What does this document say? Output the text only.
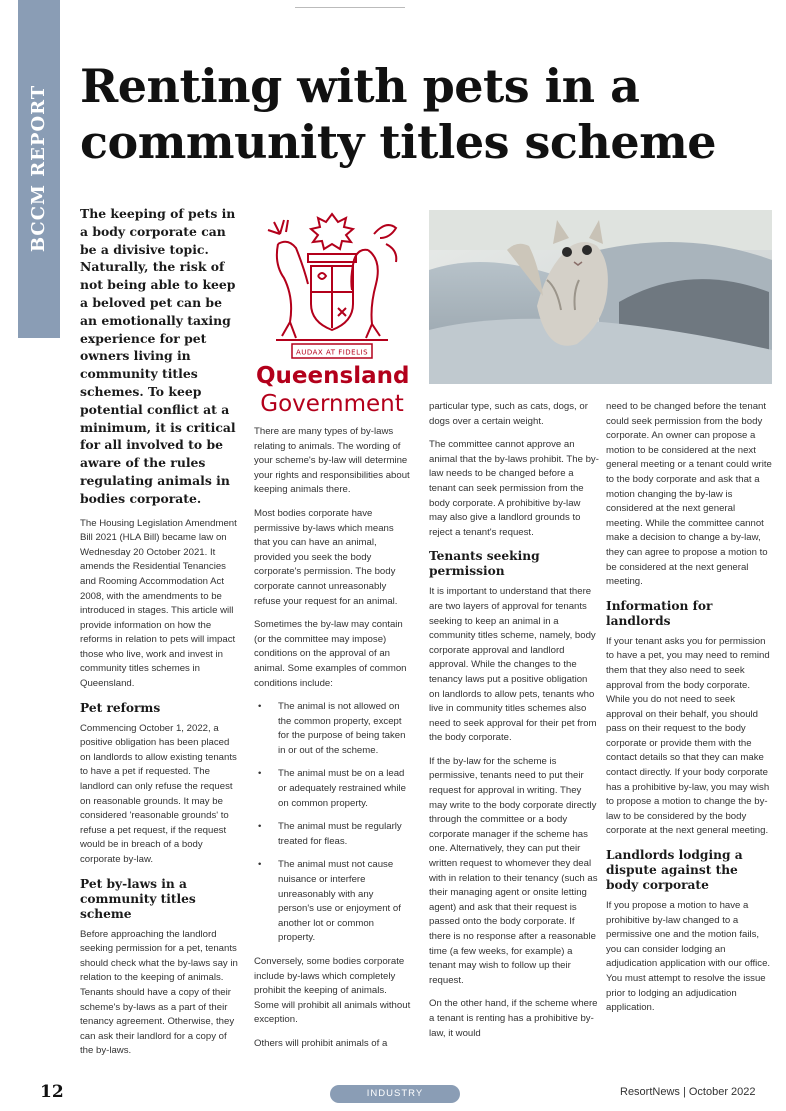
BCCM REPORT Renting with pets in a community titles scheme

The keeping of pets in a body corporate can be a divisive topic. Naturally, the risk of not being able to keep a beloved pet can be an emotionally taxing experience for pet owners living in community titles schemes. To keep potential conflict at a minimum, it is critical for all involved to be aware of the rules regulating animals in bodies corporate.

The Housing Legislation Amendment Bill 2021 (HLA Bill) became law on Wednesday 20 October 2021. It amends the Residential Tenancies and Rooming Accommodation Act 2008, with the amendments to be introduced in stages. This article will provide information on how the reforms in relation to pets will impact those who live, work and invest in community titles schemes in Queensland.

Pet reforms

Commencing October 1, 2022, a positive obligation has been placed on landlords to allow existing tenants to have a pet if requested. The landlord can only refuse the request on reasonable grounds. It may be considered 'reasonable grounds' to refuse a pet request, if the request would be in breach of a body corporate by-law.

Pet by-laws in a community titles scheme

Before approaching the landlord seeking permission for a pet, tenants should check what the by-laws say in relation to the keeping of animals. Tenants should have a copy of their scheme's by-laws as a part of their tenancy agreement. Otherwise, they can ask their landlord for a copy of the by-laws.

AUDAX AT FIDELIS
Queensland
Government

There are many types of by-laws relating to animals. The wording of your scheme's by-law will determine your rights and responsibilities about keeping animals there.

Most bodies corporate have permissive by-laws which means that you can have an animal, provided you seek the body corporate's permission. The body corporate cannot unreasonably refuse your request for an animal.

Sometimes the by-law may contain (or the committee may impose) conditions on the approval of an animal. Some examples of common conditions include:

• The animal is not allowed on the common property, except for the purpose of being taken in or out of the scheme.
• The animal must be on a lead or adequately restrained while on common property.
• The animal must be regularly treated for fleas.
• The animal must not cause nuisance or interfere unreasonably with any person's use or enjoyment of another lot or common property.

Conversely, some bodies corporate include by-laws which completely prohibit the keeping of animals. Some will prohibit all animals without exception.

Others will prohibit animals of a

particular type, such as cats, dogs, or dogs over a certain weight.

The committee cannot approve an animal that the by-laws prohibit. The by-law needs to be changed before a tenant can seek permission from the body corporate. A prohibitive by-law may also give a landlord grounds to reject a tenant's request.

Tenants seeking permission

It is important to understand that there are two layers of approval for tenants seeking to keep an animal in a community titles scheme, namely, body corporate approval and landlord approval. While the changes to the tenancy laws put a positive obligation on landlords to allow pets, tenants who live in community titles schemes also need to seek approval for their pet from the body corporate.

If the by-law for the scheme is permissive, tenants need to put their request for approval in writing. They may write to the body corporate directly through the committee or a body corporate manager if the scheme has one. Alternatively, they can put their written request to whomever they deal with in relation to their tenancy (such as their managing agent or onsite letting agent) and ask that their request is passed onto the body corporate. If there is no response after a reasonable time (a few weeks, for example) a tenant may wish to follow up their request.

On the other hand, if the scheme where a tenant is renting has a prohibitive by-law, it would

need to be changed before the tenant could seek permission from the body corporate. An owner can propose a motion to be considered at the next general meeting or a tenant could write to the body corporate and ask that a motion changing the by-law is considered at the next general meeting. While the committee cannot make a decision to change a by-law, they can agree to propose a motion to be considered at the next general meeting.

Information for landlords

If your tenant asks you for permission to have a pet, you may need to remind them that they also need to seek approval from the body corporate. While you do not need to seek approval on their behalf, you should pass on their request to the body corporate or provide them with the contact details so that they can make contact directly. If your body corporate has a prohibitive by-law, you may wish to propose a motion to change the by-law to be considered by the body corporate at the next general meeting.

Landlords lodging a dispute against the body corporate

If you propose a motion to have a prohibitive by-law changed to a permissive one and the motion fails, you can consider lodging an adjudication application with our office. You must attempt to resolve the issue prior to lodging an adjudication application.

12	INDUSTRY	ResortNews | October 2022
